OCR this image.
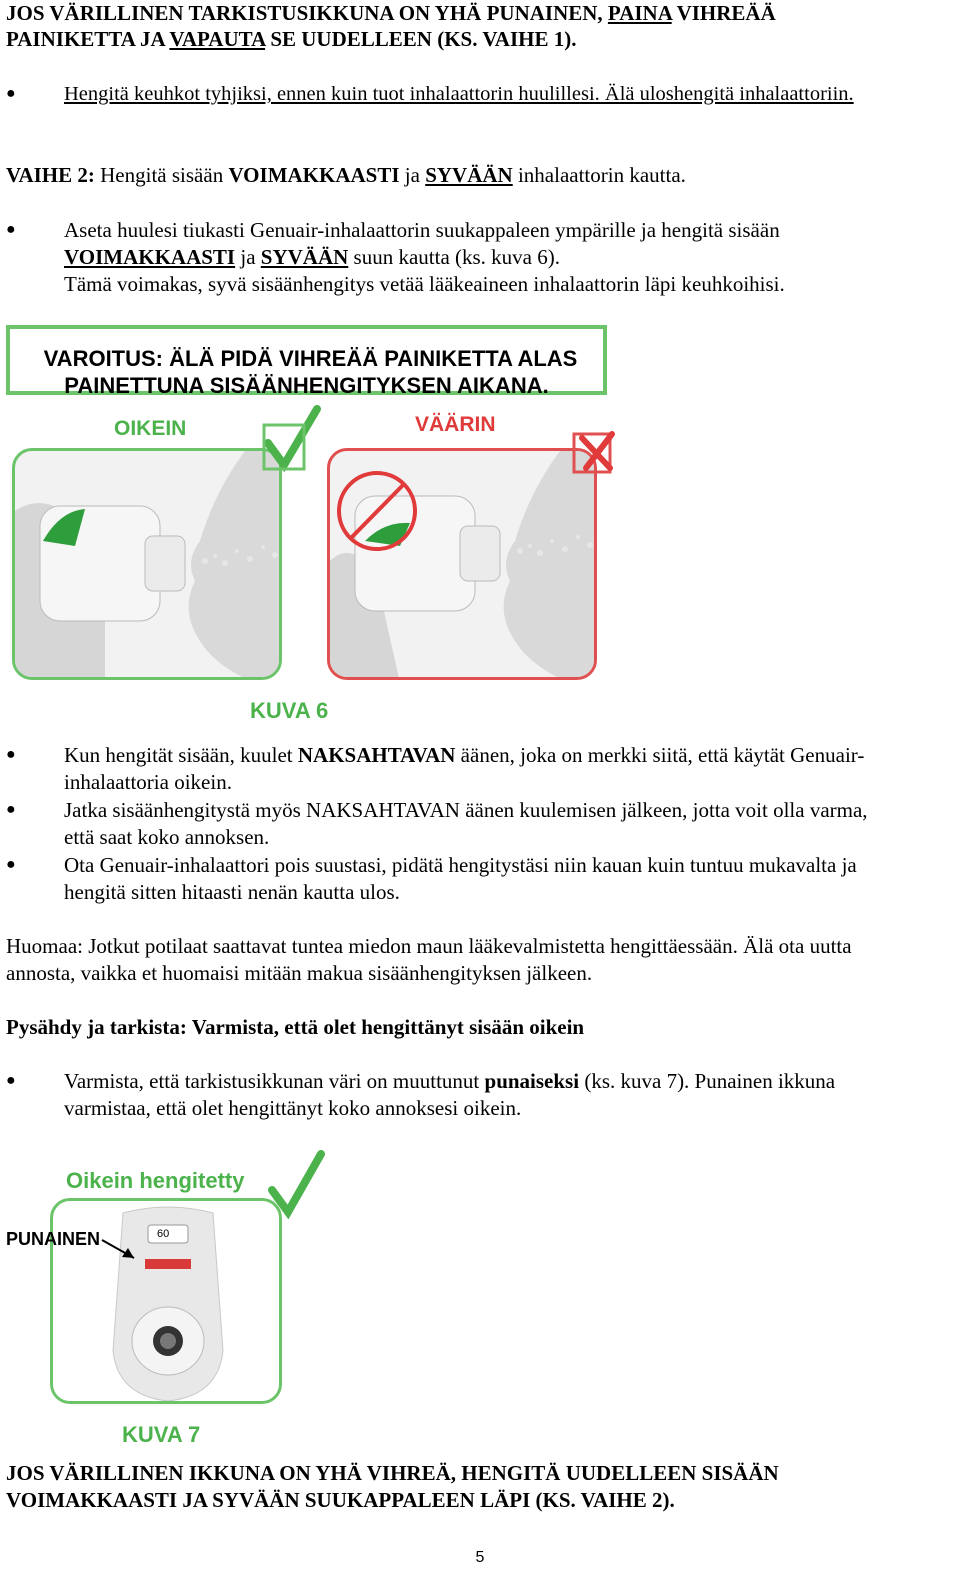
JOS VÄRILLINEN TARKISTUSIKKUNA ON YHÄ PUNAINEN, PAINA VIHREÄÄ
PAINIKETTA JA VAPAUTA SE UUDELLEEN (KS. VAIHE 1).
● Hengitä keuhkot tyhjiksi, ennen kuin tuot inhalaattorin huulillesi. Älä uloshengitä inhalaattoriin.
VAIHE 2: Hengitä sisään VOIMAKKAASTI ja SYVÄÄN inhalaattorin kautta.
● Aseta huulesi tiukasti Genuair-inhalaattorin suukappaleen ympärille ja hengitä sisään
VOIMAKKAASTI ja SYVÄÄN suun kautta (ks. kuva 6).
Tämä voimakas, syvä sisäänhengitys vetää lääkeaineen inhalaattorin läpi keuhkoihisi.
VAROITUS: ÄLÄ PIDÄ VIHREÄÄ PAINIKETTA ALAS
PAINETTUNA SISÄÄNHENGITYKSEN AIKANA.
OIKEIN	VÄÄRIN
KUVA 6
● Kun hengität sisään, kuulet NAKSAHTAVAN äänen, joka on merkki siitä, että käytät Genuair-
inhalaattoria oikein.
● Jatka sisäänhengitystä myös NAKSAHTAVAN äänen kuulemisen jälkeen, jotta voit olla varma,
että saat koko annoksen.
● Ota Genuair-inhalaattori pois suustasi, pidätä hengitystäsi niin kauan kuin tuntuu mukavalta ja
hengitä sitten hitaasti nenän kautta ulos.
Huomaa: Jotkut potilaat saattavat tuntea miedon maun lääkevalmistetta hengittäessään. Älä ota uutta
annosta, vaikka et huomaisi mitään makua sisäänhengityksen jälkeen.
Pysähdy ja tarkista: Varmista, että olet hengittänyt sisään oikein
● Varmista, että tarkistusikkunan väri on muuttunut punaiseksi (ks. kuva 7). Punainen ikkuna
varmistaa, että olet hengittänyt koko annoksesi oikein.
Oikein hengitetty
60
PUNAINEN
KUVA 7
JOS VÄRILLINEN IKKUNA ON YHÄ VIHREÄ, HENGITÄ UUDELLEEN SISÄÄN
VOIMAKKAASTI JA SYVÄÄN SUUKAPPALEEN LÄPI (KS. VAIHE 2).
5
